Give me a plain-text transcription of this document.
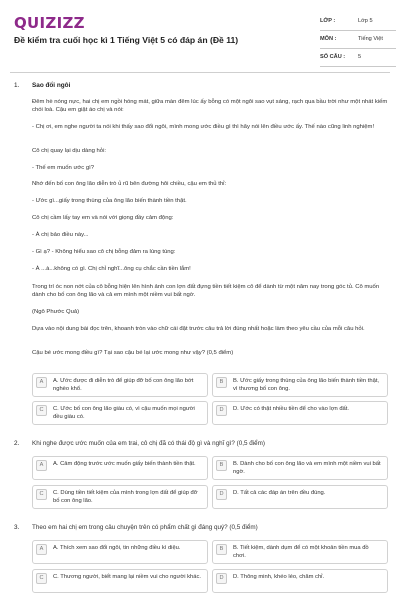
QUIZIZZ
Đề kiểm tra cuối học kì 1 Tiếng Việt 5 có đáp án (Đề 11)
LỚP :	Lớp 5
MÔN :	Tiếng Việt
SỐ CÂU : 5
1. Sao đổi ngôi
Đêm hè nóng nực, hai chị em ngồi hóng mát, giữa màn đêm lúc ấy bỗng có một ngôi sao vụt sáng, rạch qua bầu trời như một nhát kiếm chói loà. Cậu em giật áo chị và nói:
- Chị ơi, em nghe người ta nói khi thấy sao đổi ngôi, mình mong ước điều gì thì hãy nói lên điều ước ấy. Thế nào cũng linh nghiệm!
Cô chị quay lại dịu dàng hỏi:
- Thế em muốn ước gì?
Nhớ đến bố con ông lão diễn trò ủ rũ bên đường hôi chiều, cậu em thủ thỉ:
- Ước gì...giấy trong thùng của ông lão biến thành tiền thật.
Cô chị cầm lấy tay em và nói với giọng đầy cảm động:
- À chị bảo điều này...
- Gì ạ? - Không hiểu sao cô chị bỗng đảm ra lúng túng:
- À ...à...không có gì. Chị chỉ nghĩ...ông cụ chắc cần tiền lắm!
Trong trí óc non nớt của cô bỗng hiện lên hình ảnh con lợn đất đựng tiền tiết kiệm cô để dành từ một năm nay trong góc tủ. Cô muốn dành cho bố con ông lão và cả em mình một niềm vui bất ngờ.
(Ngô Phước Quả)
Dựa vào nội dung bài đọc trên, khoanh tròn vào chữ cái đặt trước câu trả lời đúng nhất hoặc làm theo yêu cầu của mỗi câu hỏi.
Cậu bé ước mong điều gì? Tại sao cậu bé lại ước mong như vậy? (0,5 điểm)
A	A. Ước được đi diễn trò để giúp đỡ bố con ông lão bớt nghèo khổ.
B	B. Ước giấy trong thùng của ông lão biến thành tiền thật, vì thương bố con ông.
C	C. Ước bố con ông lão giàu có, vì cậu muốn mọi người đều giàu có.
D	D. Ước có thật nhiều tiền để cho vào lợn đất.
2. Khi nghe được ước muốn của em trai, cô chị đã có thái độ gì và nghĩ gì? (0,5 điểm)
A	A. Cảm động trước ước muốn giấy biến thành tiền thật.	B	B. Dành cho bố con ông lão và em mình một niềm vui bất ngờ.
C	C. Dùng tiền tiết kiệm của mình trong lợn đất để giúp đỡ bố con ông lão.
D	D. Tất cả các đáp án trên đều đúng.
3. Theo em hai chị em trong câu chuyện trên có phẩm chất gì đáng quý? (0,5 điểm)
A	A. Thích xem sao đổi ngôi, tin những điều kì diệu.	B	B. Tiết kiệm, dành dụm để có một khoản tiền mua đồ chơi.
C	C. Thương người, biết mang lại niềm vui cho người khác.	D	D. Thông minh, khéo léo, chăm chỉ.
